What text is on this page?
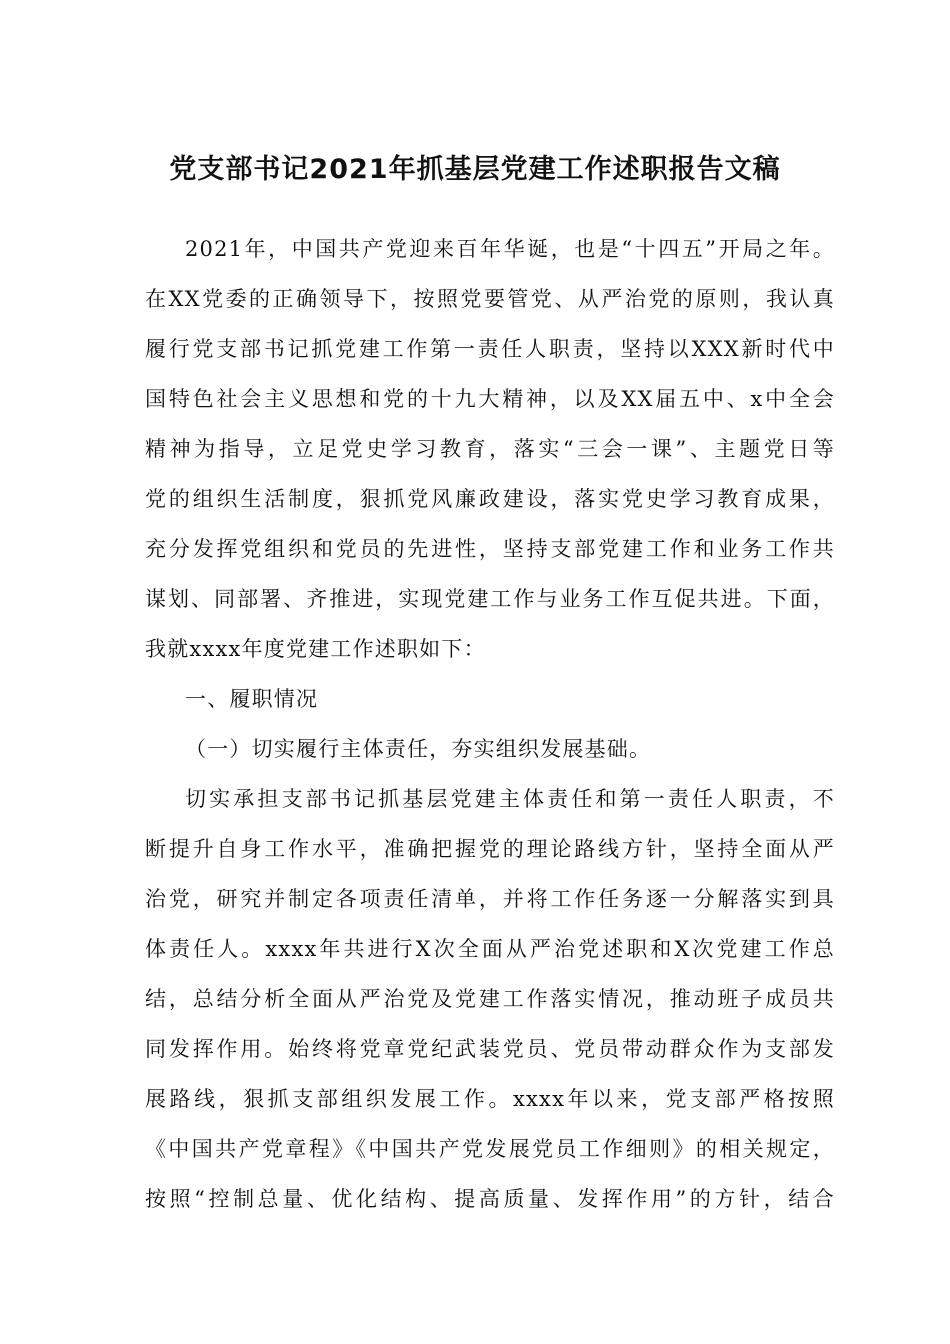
党支部书记2021年抓基层党建工作述职报告文稿
2021年，中国共产党迎来百年华诞，也是“十四五”开局之年。
在XX党委的正确领导下，按照党要管党、从严治党的原则，我认真
履行党支部书记抓党建工作第一责任人职责，坚持以XXX新时代中
国特色社会主义思想和党的十九大精神，以及XX届五中、x中全会
精神为指导，立足党史学习教育，落实“三会一课”、主题党日等
党的组织生活制度，狠抓党风廉政建设，落实党史学习教育成果，
充分发挥党组织和党员的先进性，坚持支部党建工作和业务工作共
谋划、同部署、齐推进，实现党建工作与业务工作互促共进。下面，
我就xxxx年度党建工作述职如下：
一、履职情况
（一）切实履行主体责任，夯实组织发展基础。
切实承担支部书记抓基层党建主体责任和第一责任人职责，不
断提升自身工作水平，准确把握党的理论路线方针，坚持全面从严
治党，研究并制定各项责任清单，并将工作任务逐一分解落实到具
体责任人。xxxx年共进行X次全面从严治党述职和X次党建工作总
结，总结分析全面从严治党及党建工作落实情况，推动班子成员共
同发挥作用。始终将党章党纪武装党员、党员带动群众作为支部发
展路线，狠抓支部组织发展工作。xxxx年以来，党支部严格按照
《中国共产党章程》《中国共产党发展党员工作细则》的相关规定，
按照“控制总量、优化结构、提高质量、发挥作用”的方针，结合
